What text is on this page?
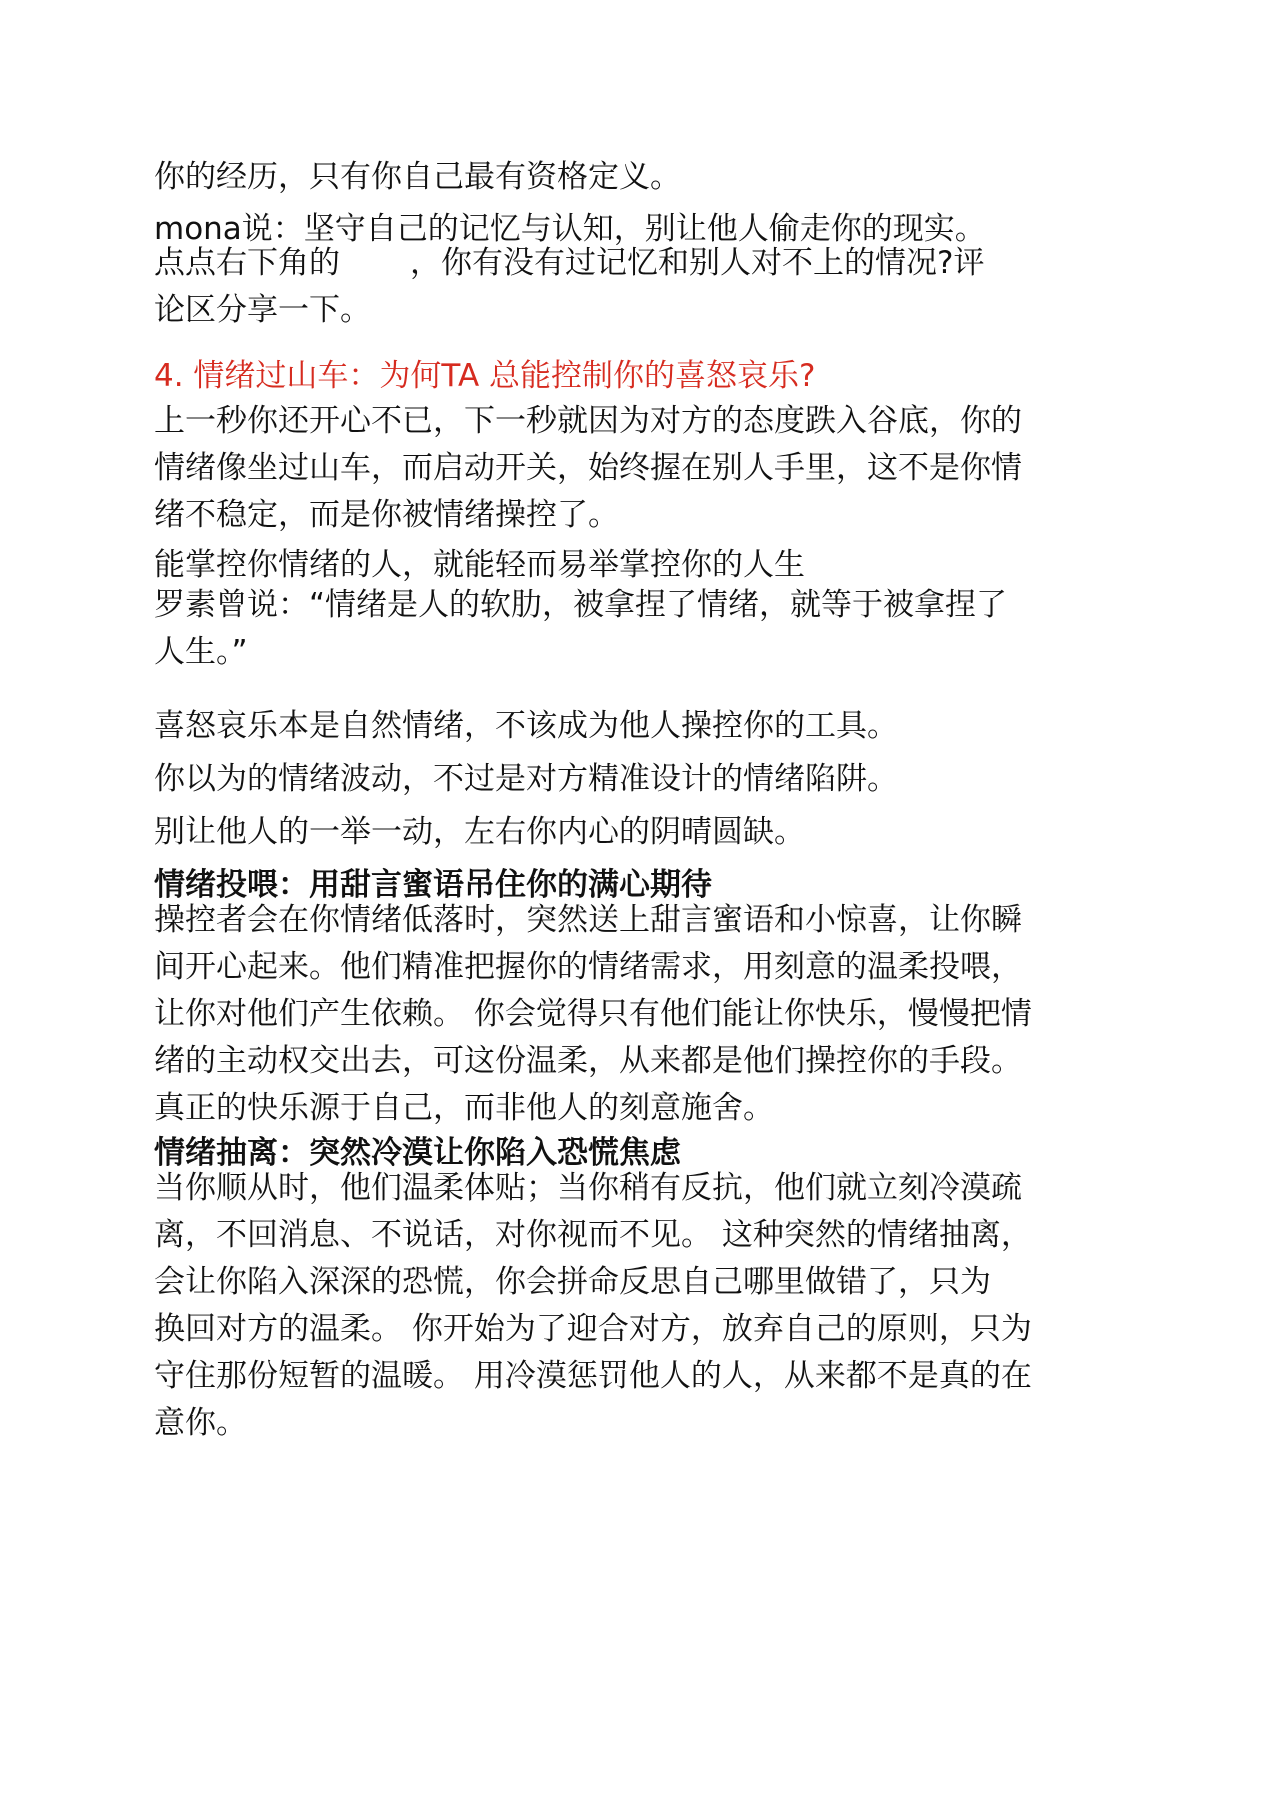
你的经历，只有你自己最有资格定义。

mona说：坚守自己的记忆与认知，别让他人偷走你的现实。

点点右下角的 ，你有没有过记忆和别人对不上的情况?评
论区分享一下。
4. 情绪过山车：为何TA 总能控制你的喜怒哀乐?
上一秒你还开心不已，下一秒就因为对方的态度跌入谷底，你的
情绪像坐过山车，而启动开关，始终握在别人手里，这不是你情
绪不稳定，而是你被情绪操控了。

能掌控你情绪的人，就能轻而易举掌控你的人生

罗素曾说：“情绪是人的软肋，被拿捏了情绪，就等于被拿捏了
人生。”

喜怒哀乐本是自然情绪，不该成为他人操控你的工具。

你以为的情绪波动，不过是对方精准设计的情绪陷阱。

别让他人的一举一动，左右你内心的阴晴圆缺。

情绪投喂：用甜言蜜语吊住你的满心期待
操控者会在你情绪低落时，突然送上甜言蜜语和小惊喜，让你瞬
间开心起来。他们精准把握你的情绪需求，用刻意的温柔投喂，
让你对他们产生依赖。 你会觉得只有他们能让你快乐，慢慢把情
绪的主动权交出去，可这份温柔，从来都是他们操控你的手段。
真正的快乐源于自己，而非他人的刻意施舍。
情绪抽离：突然冷漠让你陷入恐慌焦虑
当你顺从时，他们温柔体贴；当你稍有反抗，他们就立刻冷漠疏
离，不回消息、不说话，对你视而不见。 这种突然的情绪抽离，
会让你陷入深深的恐慌，你会拼命反思自己哪里做错了，只为
换回对方的温柔。 你开始为了迎合对方，放弃自己的原则，只为
守住那份短暂的温暖。 用冷漠惩罚他人的人，从来都不是真的在
意你。
